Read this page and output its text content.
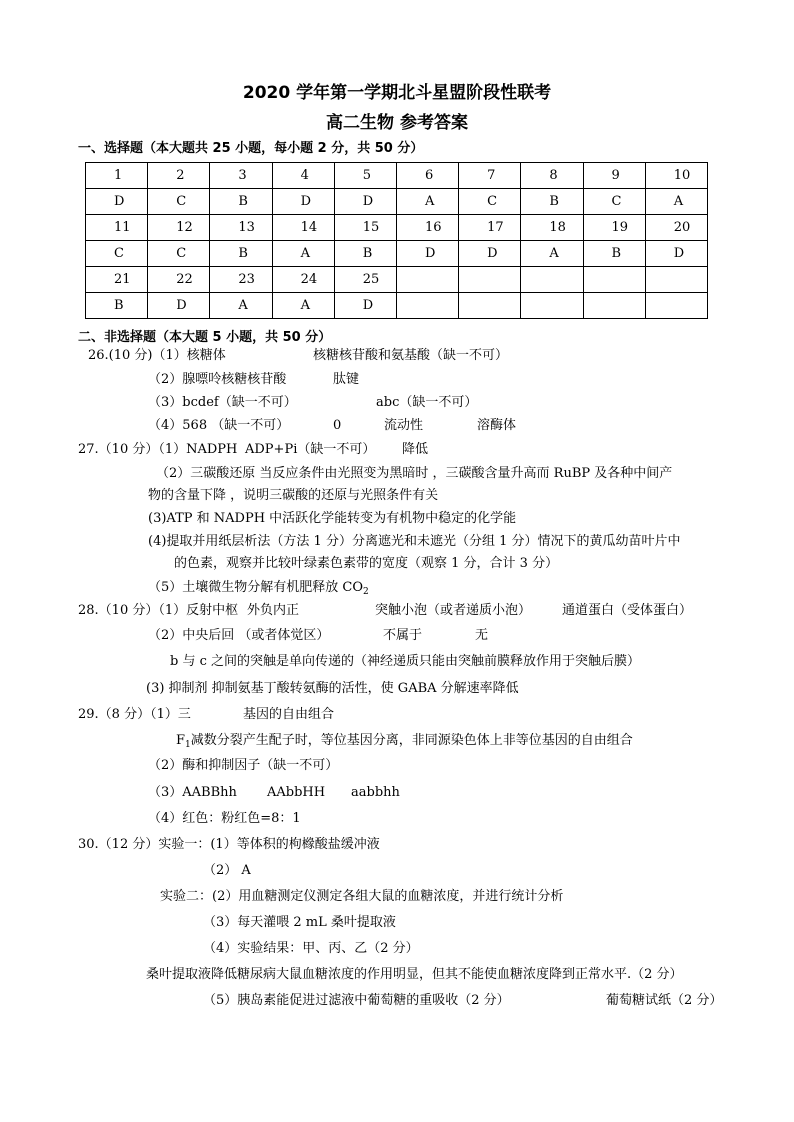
2020 学年第一学期北斗星盟阶段性联考
高二生物 参考答案
一、选择题（本大题共 25 小题，每小题 2 分，共 50 分）
1	2	3	4	5	6	7	8	9	10
D	C	B	D	D	A	C	B	C	A
11	12	13	14	15	16	17	18	19	20
C	C	B	A	B	D	D	A	B	D
21	22	23	24	25					
B	D	A	A	D					
二、非选择题（本大题 5 小题，共 50 分）
26.(10 分)（1）核糖体	核糖核苷酸和氨基酸（缺一不可）
（2）腺嘌呤核糖核苷酸	肽键
（3）bcdef（缺一不可）	abc（缺一不可）
（4）568 （缺一不可）	0	流动性	溶酶体
27.（10 分）（1）NADPH ADP+Pi（缺一不可） 降低
（2）三碳酸还原 当反应条件由光照变为黑暗时 ，三碳酸含量升高而 RuBP 及各种中间产
物的含量下降 ，说明三碳酸的还原与光照条件有关
(3)ATP 和 NADPH 中活跃化学能转变为有机物中稳定的化学能
(4)提取并用纸层析法（方法 1 分）分离遮光和未遮光（分组 1 分）情况下的黄瓜幼苗叶片中
的色素，观察并比较叶绿素色素带的宽度（观察 1 分，合计 3 分）
（5）土壤微生物分解有机肥释放 $CO_2$
28.（10 分）（1）反射中枢 外负内正	突触小泡（或者递质小泡） 通道蛋白（受体蛋白）
（2）中央后回 （或者体觉区）	不属于	无
b 与 c 之间的突触是单向传递的（神经递质只能由突触前膜释放作用于突触后膜）
(3) 抑制剂 抑制氨基丁酸转氨酶的活性，使 GABA 分解速率降低
29.（8 分）（1）三	基因的自由组合
$F_1$减数分裂产生配子时，等位基因分离，非同源染色体上非等位基因的自由组合
（2）酶和抑制因子（缺一不可）
（3）AABBhh AAbbHH aabbhh
（4）红色：粉红色=8：1
30.（12 分）实验一：(1）等体积的枸橼酸盐缓冲液
（2） A
实验二：(2）用血糖测定仪测定各组大鼠的血糖浓度，并进行统计分析
（3）每天灌喂 2 mL 桑叶提取液
（4）实验结果：甲、丙、乙（2 分）
桑叶提取液降低糖尿病大鼠血糖浓度的作用明显，但其不能使血糖浓度降到正常水平.（2 分）
（5）胰岛素能促进过滤液中葡萄糖的重吸收（2 分）	葡萄糖试纸（2 分）
